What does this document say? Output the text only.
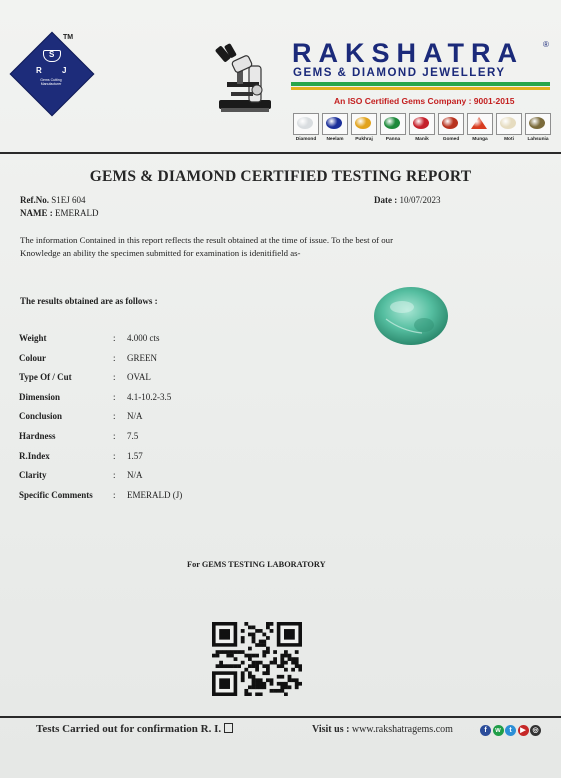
S
R	J
Gems Cutting Manufacturer
TM
RAKSHATRA ®
GEMS & DIAMOND JEWELLERY
An ISO Certified Gems Company : 9001-2015
Diamond	Neelam	Pukhraj	Panna	Manik	Gomed	Munga	Moti	Lahsunia
GEMS & DIAMOND CERTIFIED TESTING REPORT
Ref.No. S1EJ 604
NAME : EMERALD
Date : 10/07/2023
The information Contained in this report reflects the result obtained at the time of issue. To the best of our
Knowledge an ability the specimen submitted for examination is idenitifield as-
The results obtained are as follows :
Weight	: 4.000 cts
Colour	: GREEN
Type Of / Cut	: OVAL
Dimension	: 4.1-10.2-3.5
Conclusion	: N/A
Hardness	: 7.5
R.Index	: 1.57
Clarity	: N/A
Specific Comments : EMERALD (J)
For GEMS TESTING LABORATORY
Tests Carried out for confirmation R. I.	Visit us : www.rakshatragems.com	f	w	t	▶ ◎
